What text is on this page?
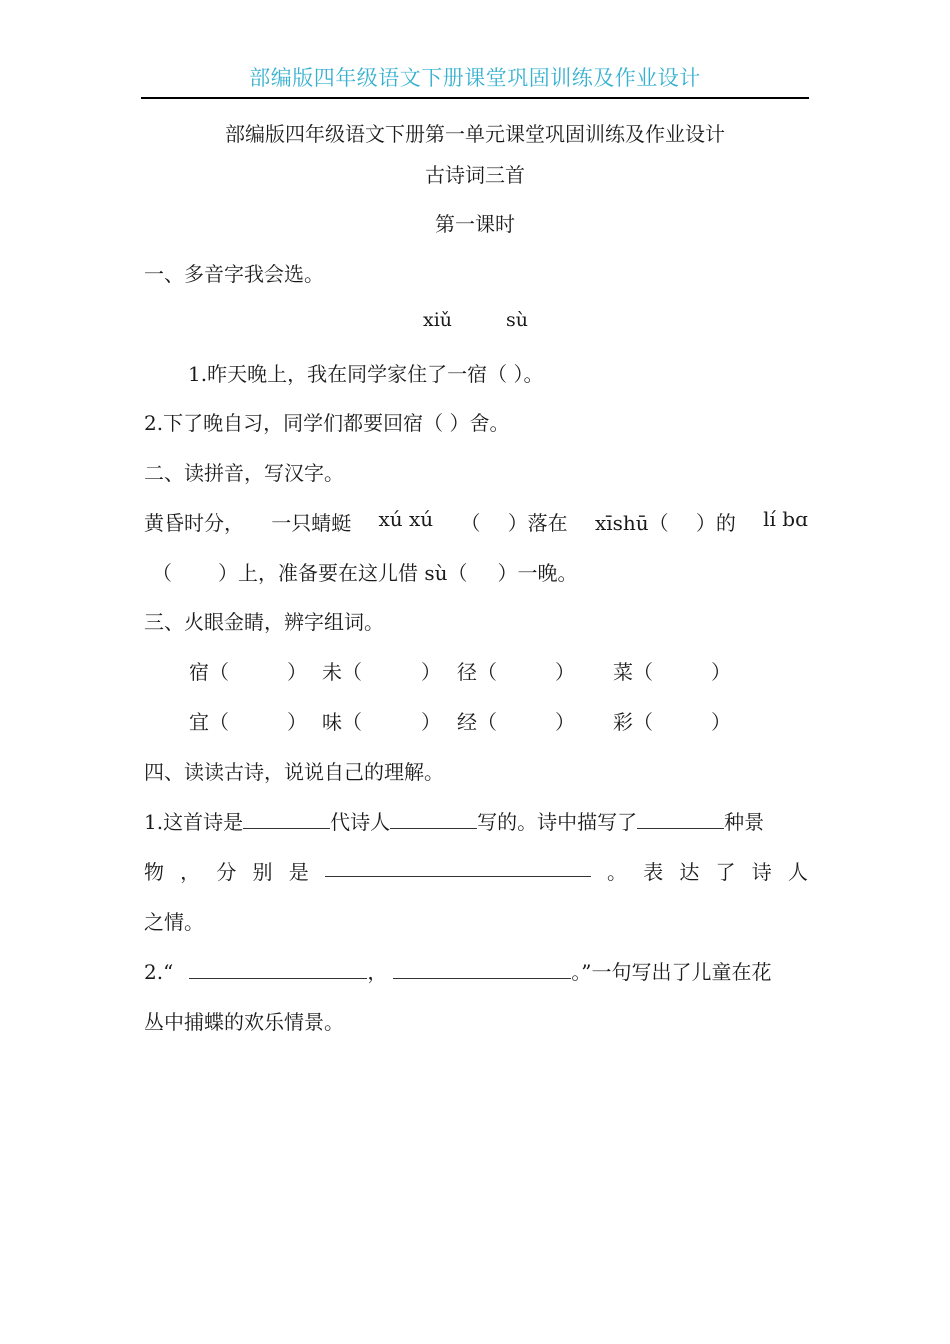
部编版四年级语文下册课堂巩固训练及作业设计
部编版四年级语文下册第一单元课堂巩固训练及作业设计
古诗词三首
第一课时
一、多音字我会选。
xiǔ	sù
1.昨天晚上，我在同学家住了一宿（ ）。
2.下了晚自习，同学们都要回宿（ ）舍。
二、读拼音，写汉字。
黄昏时分， 一只蜻蜓 xú xú （ ）落在 xīshū（ ）的 lí bɑ
（ ）上，准备要在这儿借 sù（ ）一晚。
三、火眼金睛，辨字组词。
宿（	） 未（	） 径（	） 菜（	）
宜（	） 味（	） 经（	） 彩（	）
四、读读古诗，说说自己的理解。
1.这首诗是	代诗人	写的。诗中描写了	种景
物 ， 分 别 是	。 表 达 了 诗 人
之情。
2.“	，	。”一句写出了儿童在花
丛中捕蝶的欢乐情景。
